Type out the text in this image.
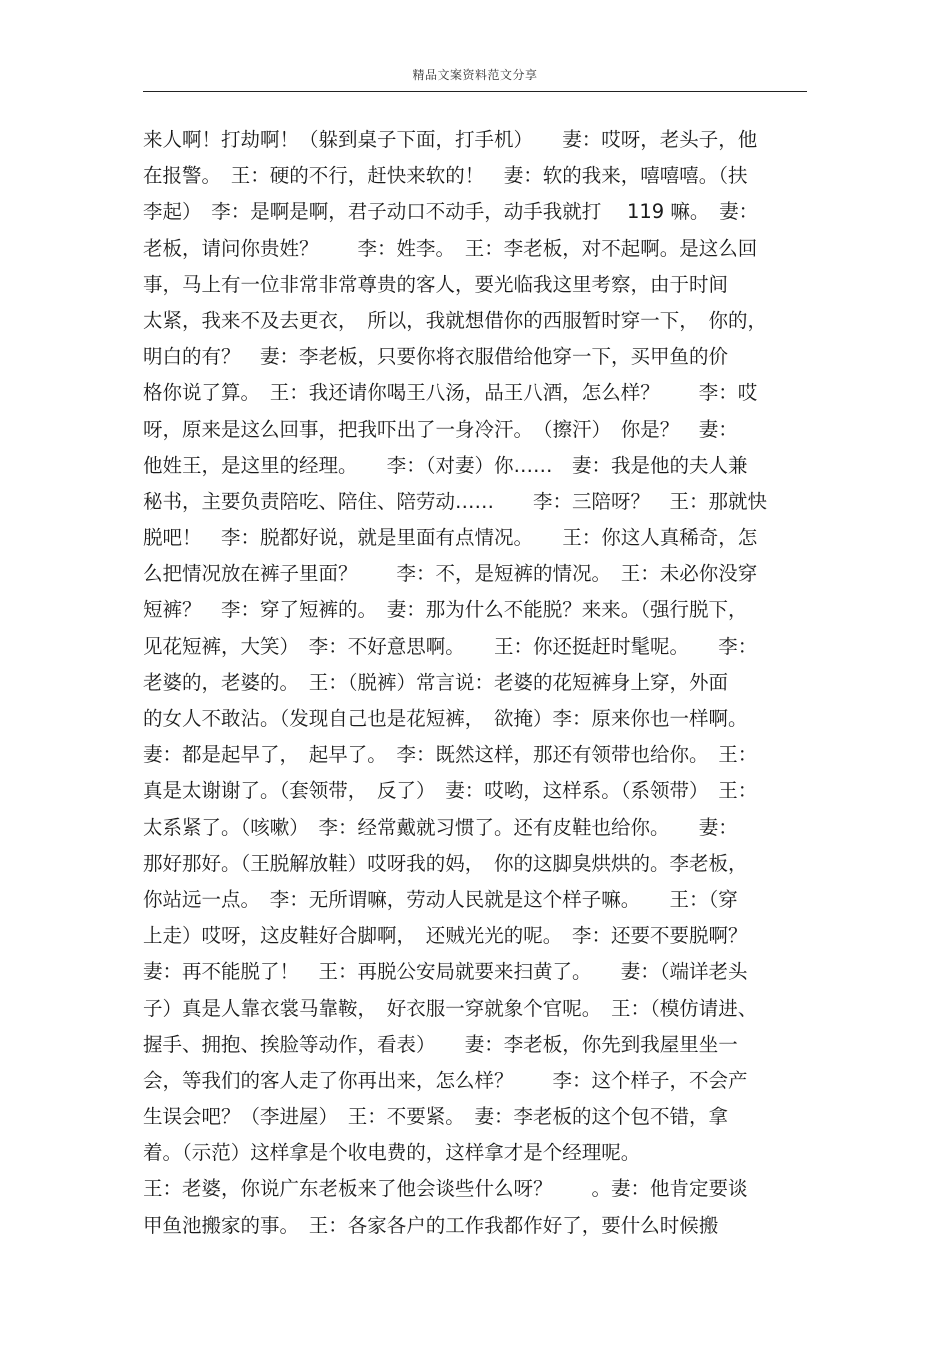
精品文案资料范文分享
来人啊！打劫啊！（躲到桌子下面，打手机）　　妻：哎呀，老头子，他
在报警。　王：硬的不行，赶快来软的！　妻：软的我来，嘻嘻嘻。（扶
李起）　李：是啊是啊，君子动口不动手，动手我就打　 119 嘛。　妻：
老板，请问你贵姓？　　李：姓李。　王：李老板，对不起啊。是这么回
事，马上有一位非常非常尊贵的客人，要光临我这里考察，由于时间
太紧，我来不及去更衣，　所以，我就想借你的西服暂时穿一下，　你的，
明白的有？　妻：李老板，只要你将衣服借给他穿一下，买甲鱼的价
格你说了算。　王：我还请你喝王八汤，品王八酒，怎么样？　　李：哎
呀，原来是这么回事，把我吓出了一身冷汗。　（擦汗）　你是？　妻：
他姓王，是这里的经理。　　李：（对妻）你……　妻：我是他的夫人兼
秘书，主要负责陪吃、陪住、陪劳动……　　李：三陪呀？　王：那就快
脱吧！　李：脱都好说，就是里面有点情况。　　王：你这人真稀奇，怎
么把情况放在裤子里面？　　李：不，是短裤的情况。　王：未必你没穿
短裤？　李：穿了短裤的。　妻：那为什么不能脱？来来。（强行脱下，
见花短裤，大笑）　李：不好意思啊。　　王：你还挺赶时髦呢。　　李：
老婆的，老婆的。　王：（脱裤）常言说：老婆的花短裤身上穿，外面
的女人不敢沾。（发现自己也是花短裤，　欲掩）李：原来你也一样啊。
妻：都是起早了，　起早了。　李：既然这样，那还有领带也给你。　王：
真是太谢谢了。（套领带，　反了）　妻：哎哟，这样系。（系领带）　王：
太系紧了。（咳嗽）　李：经常戴就习惯了。还有皮鞋也给你。　　妻：
那好那好。（王脱解放鞋）哎呀我的妈，　你的这脚臭烘烘的。李老板，
你站远一点。　李：无所谓嘛，劳动人民就是这个样子嘛。　　王：（穿
上走）哎呀，这皮鞋好合脚啊，　还贼光光的呢。　李：还要不要脱啊？
妻：再不能脱了！　王：再脱公安局就要来扫黄了。　　妻：（端详老头
子）真是人靠衣裳马靠鞍，　好衣服一穿就象个官呢。　王：（模仿请进、
握手、拥抱、挨脸等动作，看表）　　妻：李老板，你先到我屋里坐一
会，等我们的客人走了你再出来，怎么样？　　李：这个样子，不会产
生误会吧？（李进屋）　王：不要紧。　妻：李老板的这个包不错，拿
着。（示范）这样拿是个收电费的，这样拿才是个经理呢。
王：老婆，你说广东老板来了他会谈些什么呀？　　。妻：他肯定要谈
甲鱼池搬家的事。　王：各家各户的工作我都作好了，要什么时候搬
